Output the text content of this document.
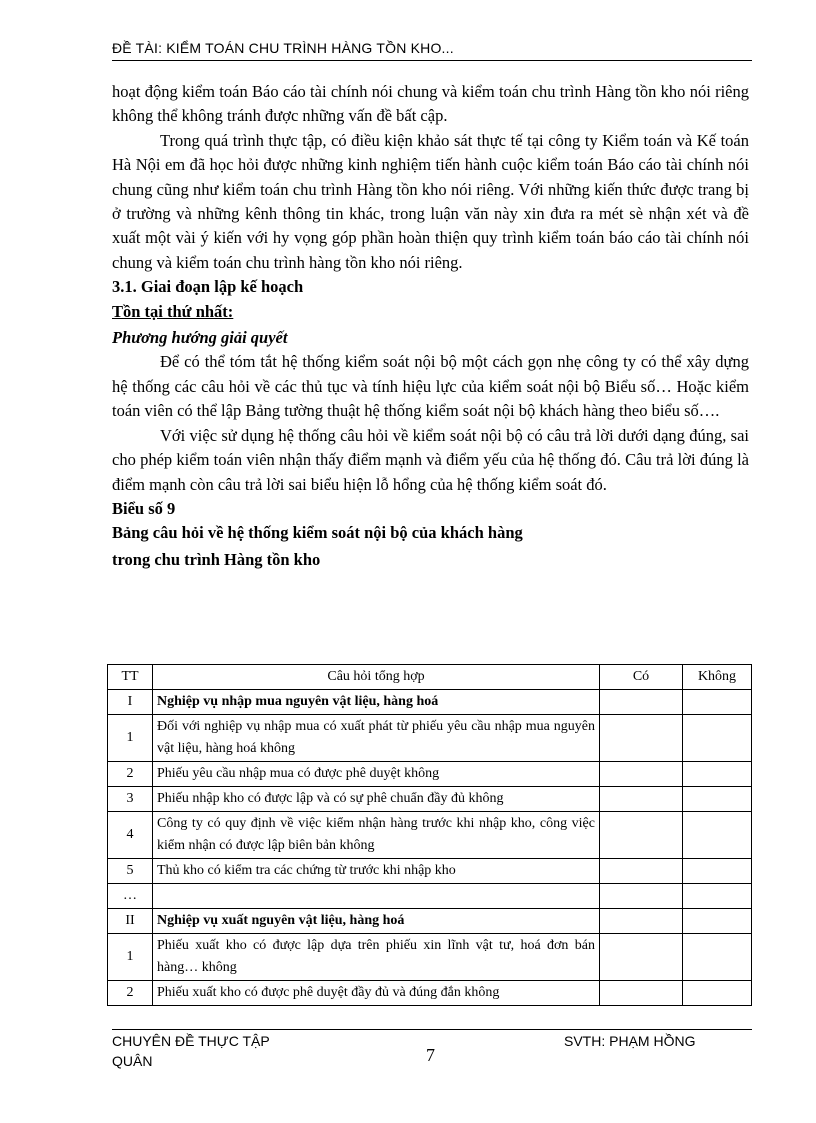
ĐỀ TÀI: KIỂM TOÁN CHU TRÌNH HÀNG TỒN KHO...

hoạt động kiểm toán Báo cáo tài chính nói chung và kiểm toán chu trình Hàng tồn kho nói riêng không thể không tránh được những vấn đề bất cập.

Trong quá trình thực tập, có điều kiện khảo sát thực tế tại công ty Kiểm toán và Kế toán Hà Nội em đã học hỏi được những kinh nghiệm tiến hành cuộc kiểm toán Báo cáo tài chính nói chung cũng như kiểm toán chu trình Hàng tồn kho nói riêng. Với những kiến thức được trang bị ở trường và những kênh thông tin khác, trong luận văn này xin đưa ra mét sè nhận xét và đề xuất một vài ý kiến với hy vọng góp phần hoàn thiện quy trình kiểm toán báo cáo tài chính nói chung và kiểm toán chu trình hàng tồn kho nói riêng.

3.1. Giai đoạn lập kế hoạch

Tồn tại thứ nhất:

Phương hướng giải quyết

Để có thể tóm tắt hệ thống kiểm soát nội bộ một cách gọn nhẹ công ty có thể xây dựng hệ thống các câu hỏi về các thủ tục và tính hiệu lực của kiểm soát nội bộ Biểu số… Hoặc kiểm toán viên có thể lập Bảng tường thuật hệ thống kiểm soát nội bộ khách hàng theo biểu số….

Với việc sử dụng hệ thống câu hỏi về kiểm soát nội bộ có câu trả lời dưới dạng đúng, sai cho phép kiểm toán viên nhận thấy điểm mạnh và điểm yếu của hệ thống đó. Câu trả lời đúng là điểm mạnh còn câu trả lời sai biểu hiện lỗ hổng của hệ thống kiểm soát đó.

Biểu số 9

Bảng câu hỏi về hệ thống kiểm soát nội bộ của khách hàng

trong chu trình Hàng tồn kho

TT	Câu hỏi tổng hợp	Có	Không
I	Nghiệp vụ nhập mua nguyên vật liệu, hàng hoá		
1	Đối với nghiệp vụ nhập mua có xuất phát từ phiếu yêu cầu nhập mua nguyên vật liệu, hàng hoá không		
2	Phiếu yêu cầu nhập mua có được phê duyệt không		
3	Phiếu nhập kho có được lập và có sự phê chuẩn đầy đủ không		
4	Công ty có quy định về việc kiểm nhận hàng trước khi nhập kho, công việc kiểm nhận có được lập biên bản không		
5	Thủ kho có kiểm tra các chứng từ trước khi nhập kho		
…			
II	Nghiệp vụ xuất nguyên vật liệu, hàng hoá		
1	Phiếu xuất kho có được lập dựa trên phiếu xin lĩnh vật tư, hoá đơn bán hàng… không		
2	Phiếu xuất kho có được phê duyệt đầy đủ và đúng đắn không		
CHUYÊN ĐỀ THỰC TẬP QUÂN
SVTH: PHẠM HỒNG
7
